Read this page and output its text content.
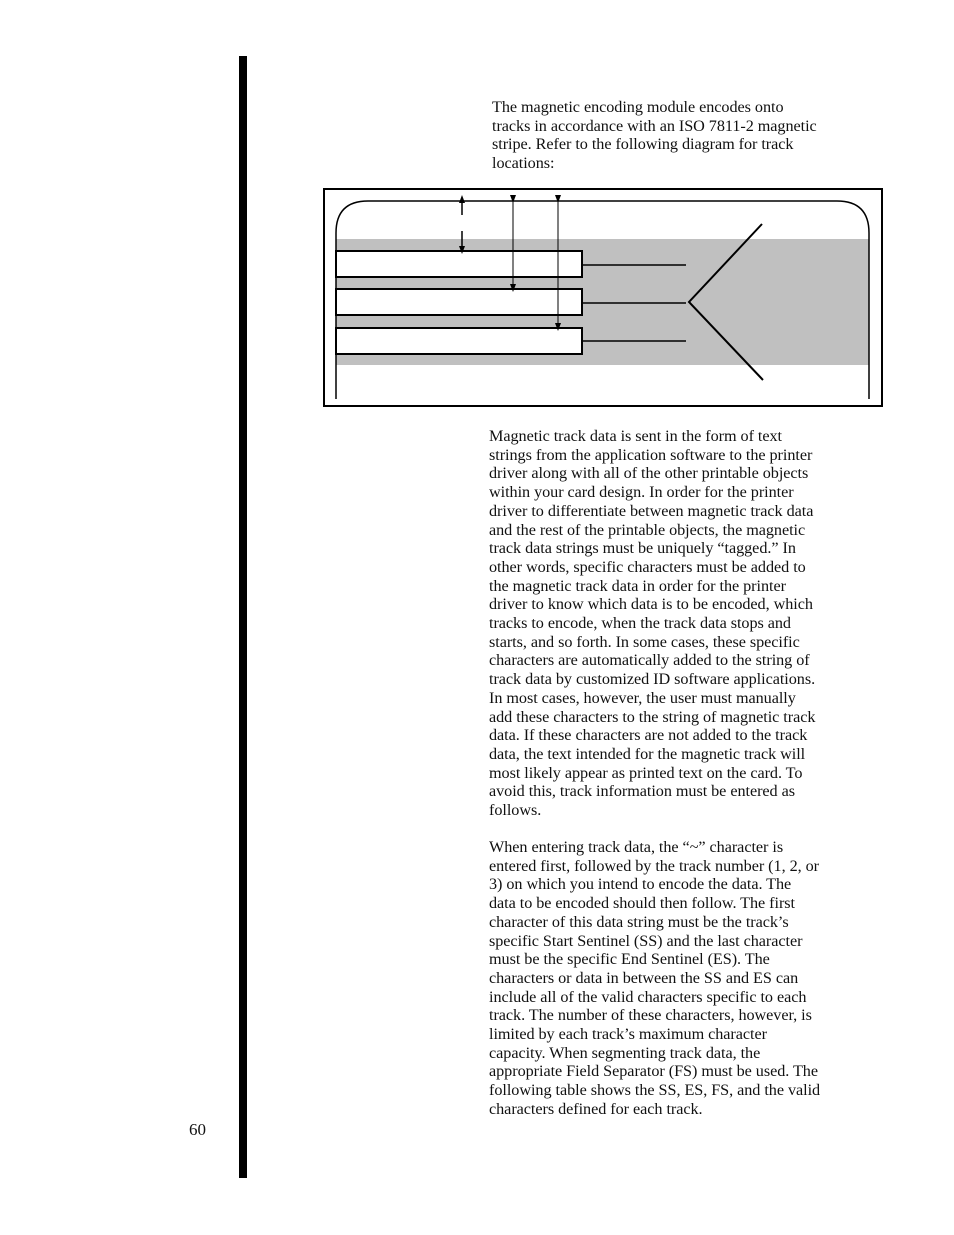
The magnetic encoding module encodes onto
tracks in accordance with an ISO 7811-2 magnetic
stripe. Refer to the following diagram for track
locations:

Magnetic track data is sent in the form of text
strings from the application software to the printer
driver along with all of the other printable objects
within your card design. In order for the printer
driver to differentiate between magnetic track data
and the rest of the printable objects, the magnetic
track data strings must be uniquely “tagged.” In
other words, specific characters must be added to
the magnetic track data in order for the printer
driver to know which data is to be encoded, which
tracks to encode, when the track data stops and
starts, and so forth. In some cases, these specific
characters are automatically added to the string of
track data by customized ID software applications.
In most cases, however, the user must manually
add these characters to the string of magnetic track
data. If these characters are not added to the track
data, the text intended for the magnetic track will
most likely appear as printed text on the card. To
avoid this, track information must be entered as
follows.

When entering track data, the “~” character is
entered first, followed by the track number (1, 2, or
3) on which you intend to encode the data. The
data to be encoded should then follow. The first
character of this data string must be the track’s
specific Start Sentinel (SS) and the last character
must be the specific End Sentinel (ES). The
characters or data in between the SS and ES can
include all of the valid characters specific to each
track. The number of these characters, however, is
limited by each track’s maximum character
capacity. When segmenting track data, the
appropriate Field Separator (FS) must be used. The
following table shows the SS, ES, FS, and the valid
characters defined for each track.

60
